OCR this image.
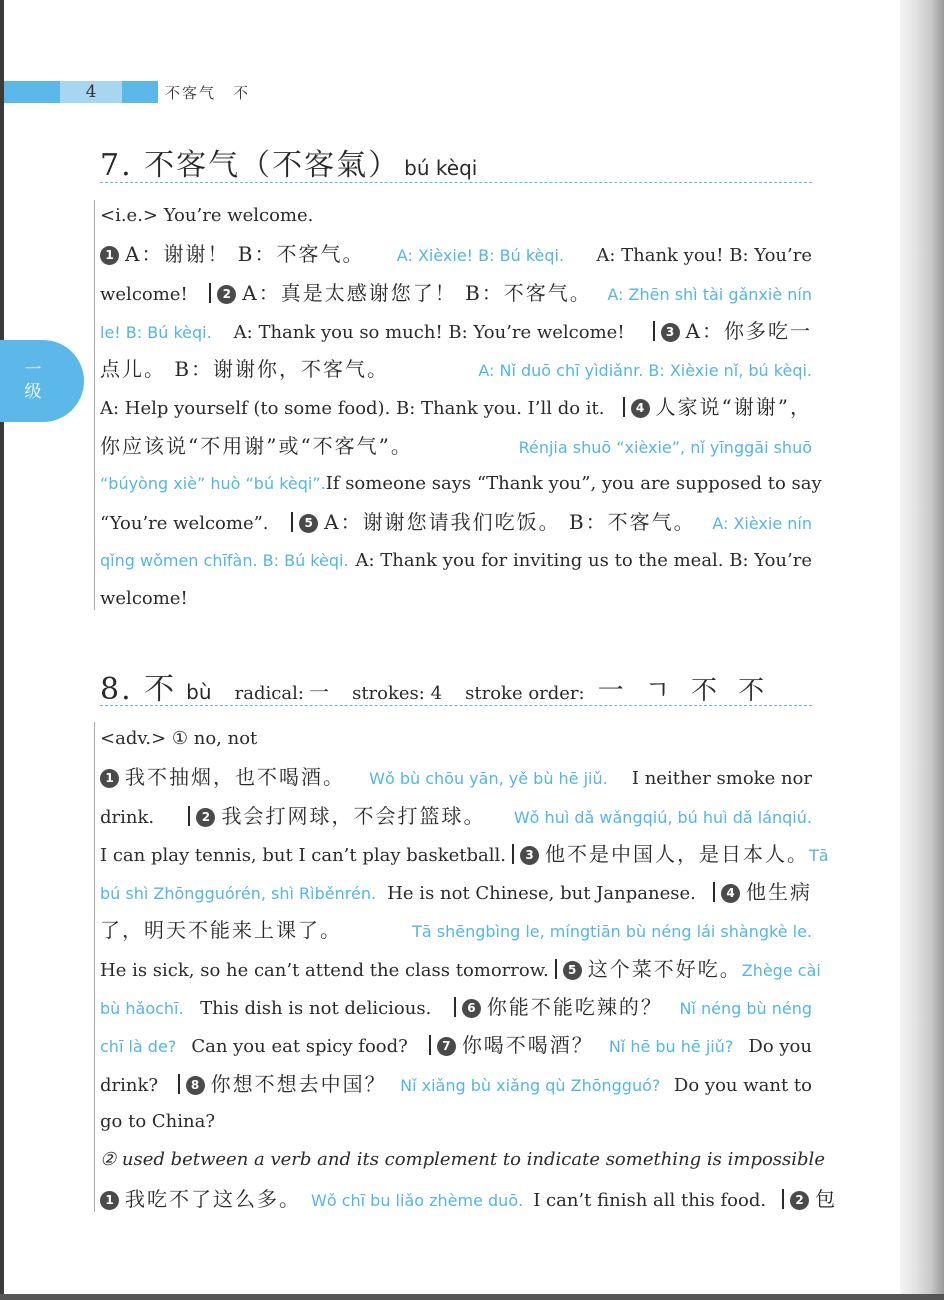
4	不客气　不
一
级
7. 不客气（不客氣） bú kèqi
<i.e.> You’re welcome.
1 A：谢谢！ B：不客气。 A: Xièxie! B: Bú kèqi. A: Thank you! B: You’re
welcome!	2 A：真是太感谢您了！ B：不客气。 A: Zhēn shì tài gǎnxiè nín
le! B: Bú kèqi. A: Thank you so much! B: You’re welcome!	3 A：你多吃一
点儿。 B：谢谢你，不客气。	A: Nǐ duō chī yìdiǎnr. B: Xièxie nǐ, bú kèqi.
A: Help yourself (to some food). B: Thank you. I’ll do it.	4 人家说“谢谢”，
你应该说“不用谢”或“不客气”。	Rénjia shuō “xièxie”, nǐ yīnggāi shuō
“búyòng xiè” huò “bú kèqi”. If someone says “Thank you”, you are supposed to say
“You’re welcome”.	5 A：谢谢您请我们吃饭。 B：不客气。 A: Xièxie nín
qǐng wǒmen chīfàn. B: Bú kèqi. A: Thank you for inviting us to the meal. B: You’re
welcome!
8. 不 bù radical: 一 strokes: 4 stroke order: 一 ㄱ 不 不
<adv.> ① no, not
1 我不抽烟，也不喝酒。 Wǒ bù chōu yān, yě bù hē jiǔ. I neither smoke nor
drink.	2 我会打网球，不会打篮球。 Wǒ huì dǎ wǎngqiú, bú huì dǎ lánqiú.
I can play tennis, but I can’t play basketball.	3 他不是中国人，是日本人。 Tā
bú shì Zhōngguórén, shì Rìběnrén. He is not Chinese, but Janpanese.	4 他生病
了，明天不能来上课了。	Tā shēngbìng le, míngtiān bù néng lái shàngkè le.
He is sick, so he can’t attend the class tomorrow.	5 这个菜不好吃。 Zhège cài
bù hǎochī. This dish is not delicious.	6 你能不能吃辣的？ Nǐ néng bù néng
chī là de? Can you eat spicy food?	7 你喝不喝酒？ Nǐ hē bu hē jiǔ? Do you
drink?	8 你想不想去中国？ Nǐ xiǎng bù xiǎng qù Zhōngguó? Do you want to
go to China?
② used between a verb and its complement to indicate something is impossible
1 我吃不了这么多。 Wǒ chī bu liǎo zhème duō. I can’t finish all this food.	2 包
